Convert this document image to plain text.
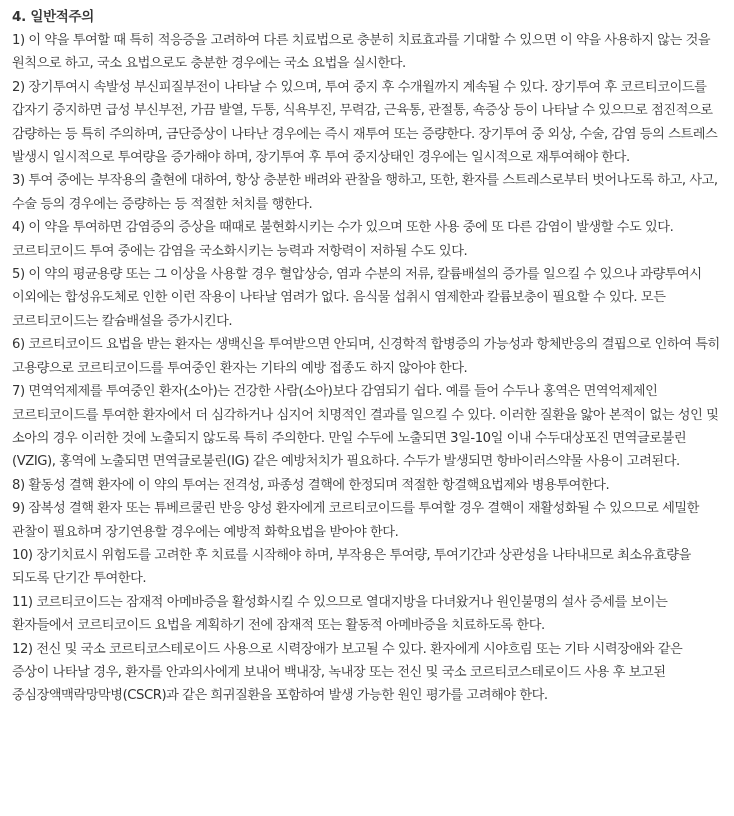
4. 일반적주의

1) 이 약을 투여할 때 특히 적응증을 고려하여 다른 치료법으로 충분히 치료효과를 기대할 수 있으면 이 약을 사용하지 않는 것을 원칙으로 하고, 국소 요법으로도 충분한 경우에는 국소 요법을 실시한다.

2) 장기투여시 속발성 부신피질부전이 나타날 수 있으며, 투여 중지 후 수개월까지 계속될 수 있다. 장기투여 후 코르티코이드를 갑자기 중지하면 급성 부신부전, 가끔 발열, 두통, 식욕부진, 무력감, 근육통, 관절통, 쇽증상 등이 나타날 수 있으므로 점진적으로 감량하는 등 특히 주의하며, 금단증상이 나타난 경우에는 즉시 재투여 또는 증량한다. 장기투여 중 외상, 수술, 감염 등의 스트레스 발생시 일시적으로 투여량을 증가해야 하며, 장기투여 후 투여 중지상태인 경우에는 일시적으로 재투여해야 한다.

3) 투여 중에는 부작용의 출현에 대하여, 항상 충분한 배려와 관찰을 행하고, 또한, 환자를 스트레스로부터 벗어나도록 하고, 사고, 수술 등의 경우에는 증량하는 등 적절한 처치를 행한다.

4) 이 약을 투여하면 감염증의 증상을 때때로 불현화시키는 수가 있으며 또한 사용 중에 또 다른 감염이 발생할 수도 있다. 코르티코이드 투여 중에는 감염을 국소화시키는 능력과 저항력이 저하될 수도 있다.

5) 이 약의 평균용량 또는 그 이상을 사용할 경우 혈압상승, 염과 수분의 저류, 칼륨배설의 증가를 일으킬 수 있으나 과량투여시 이외에는 합성유도체로 인한 이런 작용이 나타날 염려가 없다. 음식물 섭취시 염제한과 칼륨보충이 필요할 수 있다. 모든 코르티코이드는 칼슘배설을 증가시킨다.

6) 코르티코이드 요법을 받는 환자는 생백신을 투여받으면 안되며, 신경학적 합병증의 가능성과 항체반응의 결핍으로 인하여 특히 고용량으로 코르티코이드를 투여중인 환자는 기타의 예방 접종도 하지 않아야 한다.

7) 면역억제제를 투여중인 환자(소아)는 건강한 사람(소아)보다 감염되기 쉽다. 예를 들어 수두나 홍역은 면역억제제인 코르티코이드를 투여한 환자에서 더 심각하거나 심지어 치명적인 결과를 일으킬 수 있다. 이러한 질환을 앓아 본적이 없는 성인 및 소아의 경우 이러한 것에 노출되지 않도록 특히 주의한다. 만일 수두에 노출되면 3일-10일 이내 수두대상포진 면역글로불린(VZIG), 홍역에 노출되면 면역글로불린(IG) 같은 예방처치가 필요하다. 수두가 발생되면 항바이러스약물 사용이 고려된다.

8) 활동성 결핵 환자에 이 약의 투여는 전격성, 파종성 결핵에 한정되며 적절한 항결핵요법제와 병용투여한다.

9) 잠복성 결핵 환자 또는 튜베르쿨린 반응 양성 환자에게 코르티코이드를 투여할 경우 결핵이 재활성화될 수 있으므로 세밀한 관찰이 필요하며 장기연용할 경우에는 예방적 화학요법을 받아야 한다.

10) 장기치료시 위험도를 고려한 후 치료를 시작해야 하며, 부작용은 투여량, 투여기간과 상관성을 나타내므로 최소유효량을 되도록 단기간 투여한다.

11) 코르티코이드는 잠재적 아메바증을 활성화시킬 수 있으므로 열대지방을 다녀왔거나 원인불명의 설사 증세를 보이는 환자들에서 코르티코이드 요법을 계획하기 전에 잠재적 또는 활동적 아메바증을 치료하도록 한다.

12) 전신 및 국소 코르티코스테로이드 사용으로 시력장애가 보고될 수 있다. 환자에게 시야흐림 또는 기타 시력장애와 같은 증상이 나타날 경우, 환자를 안과의사에게 보내어 백내장, 녹내장 또는 전신 및 국소 코르티코스테로이드 사용 후 보고된 중심장액맥락망막병(CSCR)과 같은 희귀질환을 포함하여 발생 가능한 원인 평가를 고려해야 한다.
